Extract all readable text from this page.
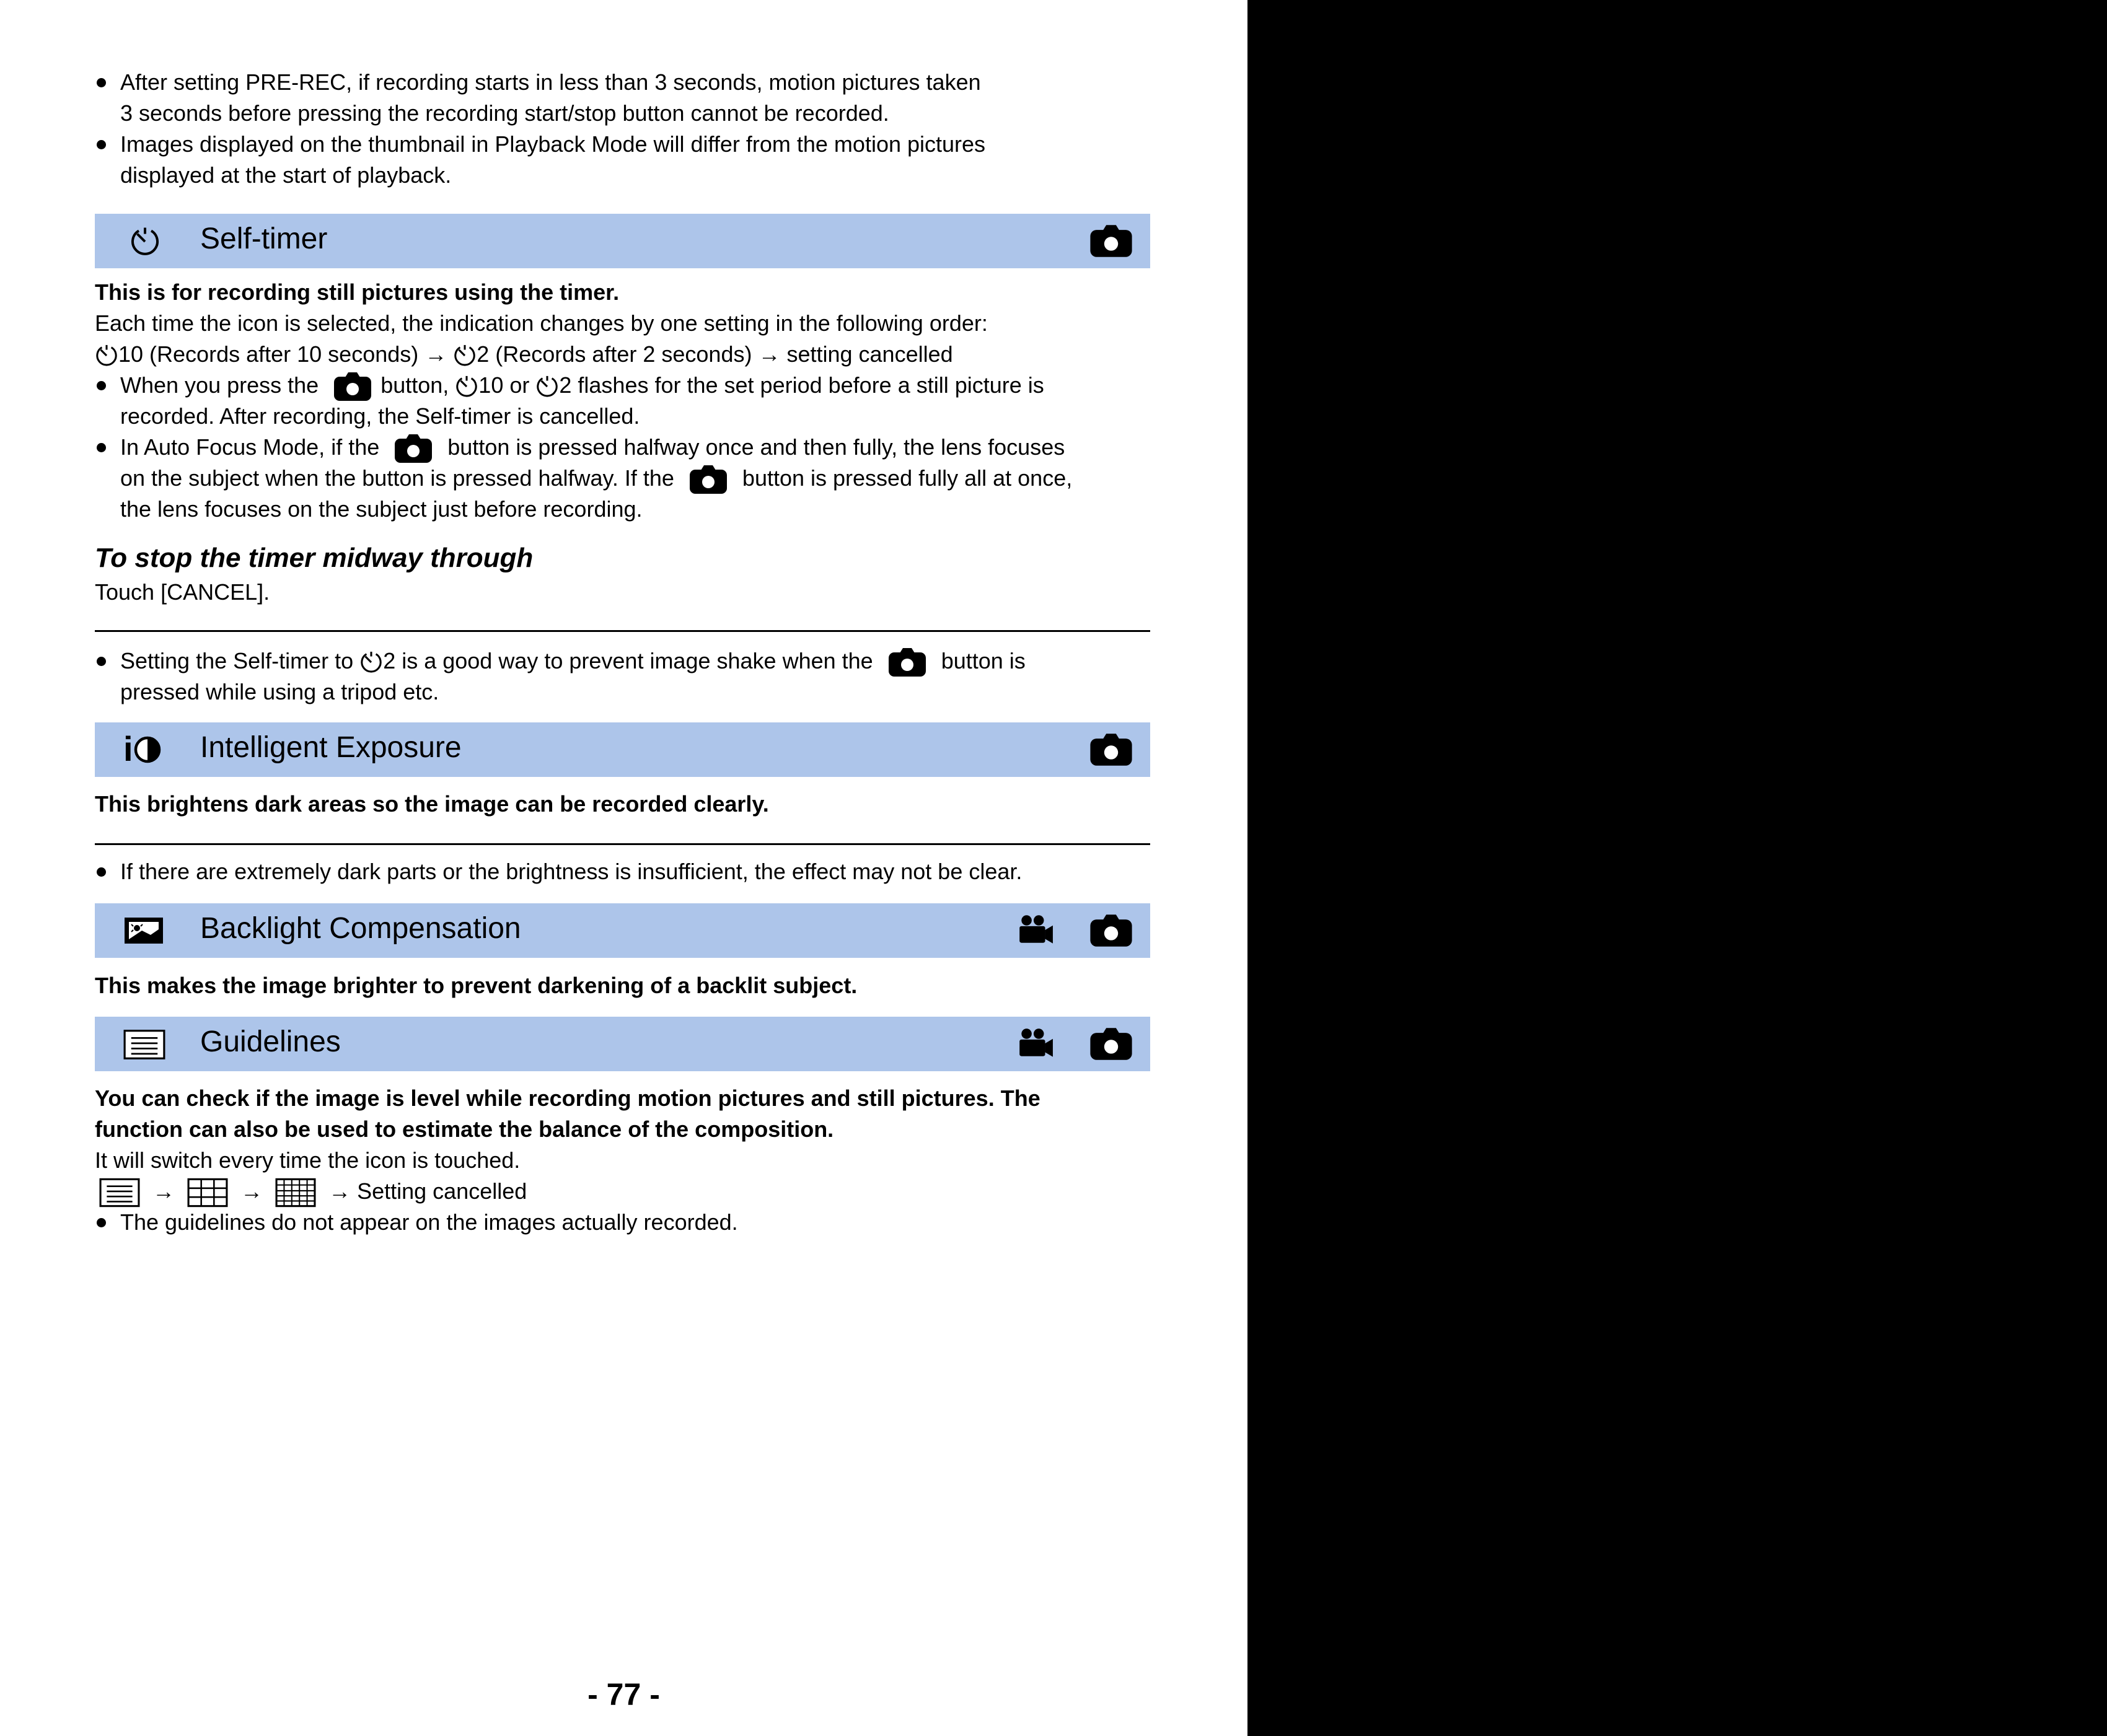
After setting PRE-REC, if recording starts in less than 3 seconds, motion pictures taken
3 seconds before pressing the recording start/stop button cannot be recorded.
Images displayed on the thumbnail in Playback Mode will differ from the motion pictures
displayed at the start of playback.
Self-timer
This is for recording still pictures using the timer.
Each time the icon is selected, the indication changes by one setting in the following order:
10 (Records after 10 seconds) → 2 (Records after 2 seconds) → setting cancelled
When you press the	button, 10 or 2 flashes for the set period before a still picture is
recorded. After recording, the Self-timer is cancelled.
In Auto Focus Mode, if the	button is pressed halfway once and then fully, the lens focuses
on the subject when the button is pressed halfway. If the	button is pressed fully all at once,
the lens focuses on the subject just before recording.
To stop the timer midway through
Touch [CANCEL].
Setting the Self-timer to 2 is a good way to prevent image shake when the	button is
pressed while using a tripod etc.
i	Intelligent Exposure
This brightens dark areas so the image can be recorded clearly.
If there are extremely dark parts or the brightness is insufficient, the effect may not be clear.
Backlight Compensation
This makes the image brighter to prevent darkening of a backlit subject.
Guidelines
You can check if the image is level while recording motion pictures and still pictures. The
function can also be used to estimate the balance of the composition.
It will switch every time the icon is touched.
→	→	→ Setting cancelled
The guidelines do not appear on the images actually recorded.
- 77 -
